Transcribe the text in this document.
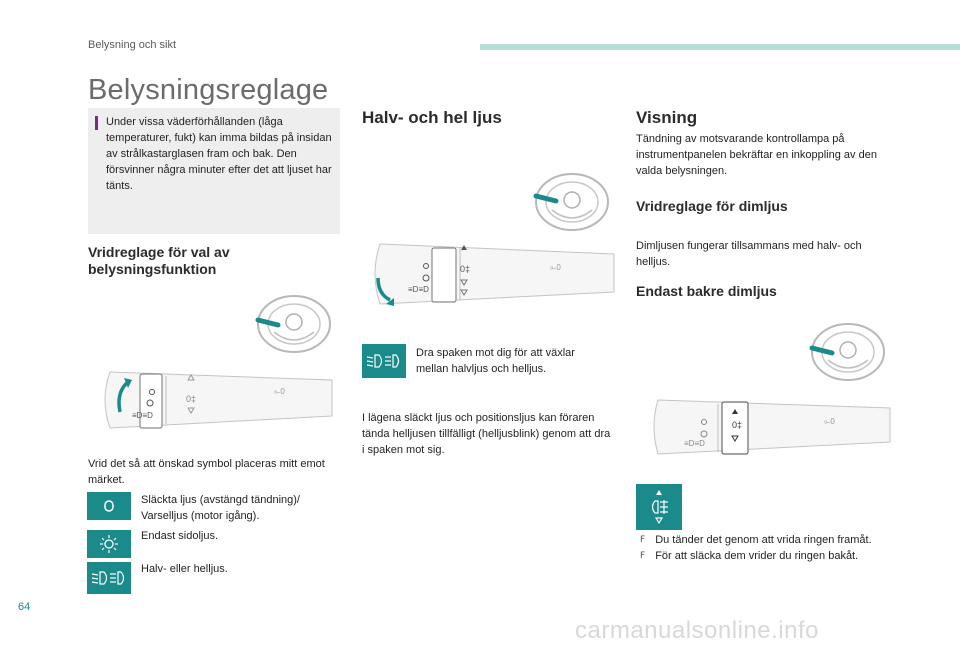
Belysning och sikt
Belysningsreglage
Under vissa väderförhållanden (låga temperaturer, fukt) kan imma bildas på insidan av strålkastarglasen fram och bak. Den försvinner några minuter efter det att ljuset har tänts.
Vridreglage för val av belysningsfunktion
≡D≡D
0‡
⟜0
Vrid det så att önskad symbol placeras mitt emot märket.
Släckta ljus (avstängd tändning)/ Varselljus (motor igång).
Endast sidoljus.
Halv- eller helljus.
Halv- och hel ljus
≡D≡D
0‡	⟜0
Dra spaken mot dig för att växlar mellan halvljus och helljus.
I lägena släckt ljus och positionsljus kan föraren tända helljusen tillfälligt (helljusblink) genom att dra i spaken mot sig.
Visning
Tändning av motsvarande kontrollampa på instrumentpanelen bekräftar en inkoppling av den valda belysningen.
Vridreglage för dimljus
Dimljusen fungerar tillsammans med halv- och helljus.
Endast bakre dimljus
≡D≡D
0‡	⟜0
F Du tänder det genom att vrida ringen framåt.
F För att släcka dem vrider du ringen bakåt.
64
carmanualsonline.info
